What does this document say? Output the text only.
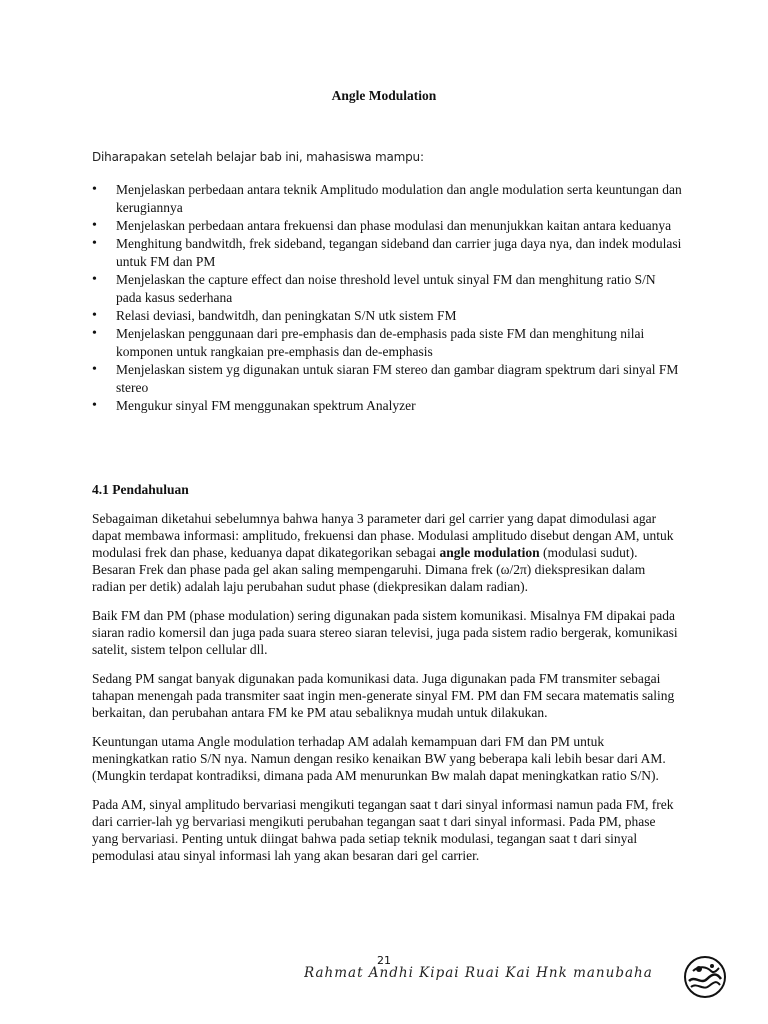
Angle Modulation
Diharapakan setelah belajar bab ini, mahasiswa mampu:
• Menjelaskan perbedaan antara teknik Amplitudo modulation dan angle modulation serta keuntungan dan kerugiannya
• Menjelaskan perbedaan antara frekuensi dan phase modulasi dan menunjukkan kaitan antara keduanya
• Menghitung bandwitdh, frek sideband, tegangan sideband dan carrier juga daya nya, dan indek modulasi untuk FM dan PM
• Menjelaskan the capture effect dan noise threshold level untuk sinyal FM dan menghitung ratio S/N pada kasus sederhana
• Relasi deviasi, bandwitdh, dan peningkatan S/N utk sistem FM
• Menjelaskan penggunaan dari pre-emphasis dan de-emphasis pada siste FM dan menghitung nilai komponen untuk rangkaian pre-emphasis dan de-emphasis
• Menjelaskan sistem yg digunakan untuk siaran FM stereo dan gambar diagram spektrum dari sinyal FM stereo
• Mengukur sinyal FM menggunakan spektrum Analyzer
4.1 Pendahuluan

Sebagaiman diketahui sebelumnya bahwa hanya 3 parameter dari gel carrier yang dapat dimodulasi agar dapat membawa informasi: amplitudo, frekuensi dan phase. Modulasi amplitudo disebut dengan AM, untuk modulasi frek dan phase, keduanya dapat dikategorikan sebagai angle modulation (modulasi sudut). Besaran Frek dan phase pada gel akan saling mempengaruhi. Dimana frek (ω/2π) diekspresikan dalam radian per detik) adalah laju perubahan sudut phase (diekpresikan dalam radian).

Baik FM dan PM (phase modulation) sering digunakan pada sistem komunikasi. Misalnya FM dipakai pada siaran radio komersil dan juga pada suara stereo siaran televisi, juga pada sistem radio bergerak, komunikasi satelit, sistem telpon cellular dll.

Sedang PM sangat banyak digunakan pada komunikasi data. Juga digunakan pada FM transmiter sebagai tahapan menengah pada transmiter saat ingin men-generate sinyal FM. PM dan FM secara matematis saling berkaitan, dan perubahan antara FM ke PM atau sebaliknya mudah untuk dilakukan.

Keuntungan utama Angle modulation terhadap AM adalah kemampuan dari FM dan PM untuk meningkatkan ratio S/N nya. Namun dengan resiko kenaikan BW yang beberapa kali lebih besar dari AM. (Mungkin terdapat kontradiksi, dimana pada AM menurunkan Bw malah dapat meningkatkan ratio S/N).

Pada AM, sinyal amplitudo bervariasi mengikuti tegangan saat t dari sinyal informasi namun pada FM, frek dari carrier-lah yg bervariasi mengikuti perubahan tegangan saat t dari sinyal informasi. Pada PM, phase yang bervariasi. Penting untuk diingat bahwa pada setiap teknik modulasi, tegangan saat t dari sinyal pemodulasi atau sinyal informasi lah yang akan besaran dari gel carrier.

21
Rahmat Andhi Kipai Ruai Kai Hnk manubaha
